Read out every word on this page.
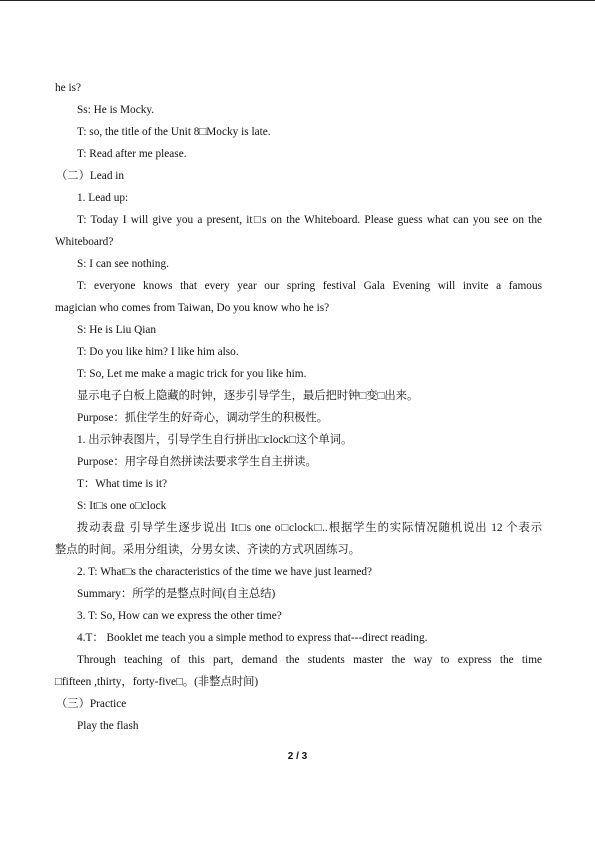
he is?
Ss: He is Mocky.
T: so, the title of the Unit 8□Mocky is late.
T: Read after me please.
（二）Lead in
1. Lead up:
T: Today I will give you a present, it□s on the Whiteboard. Please guess what can you see on the
Whiteboard?
S: I can see nothing.
T: everyone knows that every year our spring festival Gala Evening will invite a famous
magician who comes from Taiwan, Do you know who he is?
S: He is Liu Qian
T: Do you like him? I like him also.
T: So, Let me make a magic trick for you like him.
显示电子白板上隐藏的时钟，逐步引导学生，最后把时钟□变□出来。
Purpose：抓住学生的好奇心，调动学生的积极性。
1. 出示钟表图片，引导学生自行拼出□clock□这个单词。
Purpose：用字母自然拼读法要求学生自主拼读。
T：What time is it?
S: It□s one o□clock
拨动表盘 引导学生逐步说出 It□s one o□clock□..根据学生的实际情况随机说出 12 个表示
整点的时间。采用分组读，分男女读、齐读的方式巩固练习。
2. T: What□s the characteristics of the time we have just learned?
Summary：所学的是整点时间(自主总结)
3. T: So, How can we express the other time?
4.T： Booklet me teach you a simple method to express that---direct reading.
Through teaching of this part, demand the students master the way to express the time
□fifteen ,thirty，forty-five□。(非整点时间)
（三）Practice
Play the flash
2 / 3
